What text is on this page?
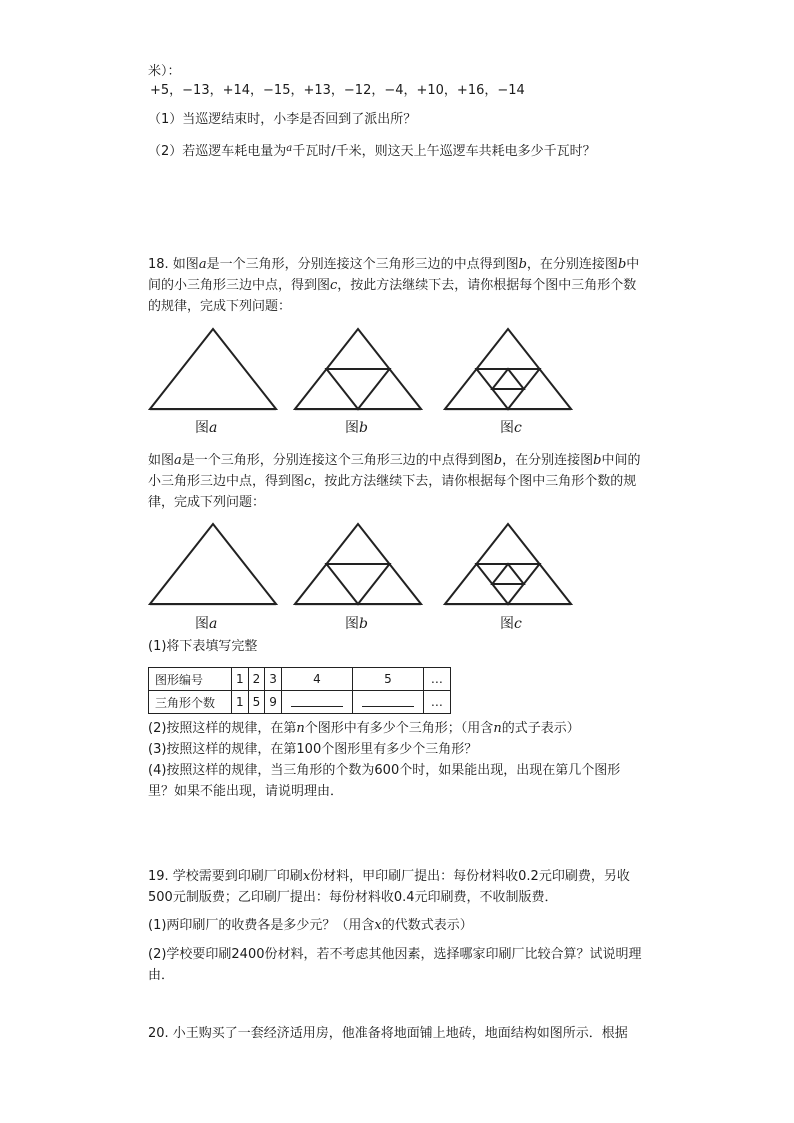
米）：
+5，−13，+14，−15，+13，−12，−4，+10，+16，−14
（1）当巡逻结束时，小李是否回到了派出所？
（2）若巡逻车耗电量为$^a$千瓦时/千米，则这天上午巡逻车共耗电多少千瓦时？
18. 如图a是一个三角形，分别连接这个三角形三边的中点得到图b，在分别连接图b中
间的小三角形三边中点，得到图c，按此方法继续下去，请你根据每个图中三角形个数
的规律，完成下列问题：
图a	图b	图c
如图a是一个三角形，分别连接这个三角形三边的中点得到图b，在分别连接图b中间的
小三角形三边中点，得到图c，按此方法继续下去，请你根据每个图中三角形个数的规
律，完成下列问题：
图a	图b	图c
(1)将下表填写完整
图形编号	1	2	3	4	5	…
三角形个数	1	5	9			…
(2)按照这样的规律，在第n个图形中有多少个三角形；（用含n的式子表示）
(3)按照这样的规律，在第100个图形里有多少个三角形？
(4)按照这样的规律，当三角形的个数为600个时，如果能出现，出现在第几个图形
里？如果不能出现，请说明理由．
19. 学校需要到印刷厂印刷x份材料，甲印刷厂提出：每份材料收0.2元印刷费，另收
500元制版费；乙印刷厂提出：每份材料收0.4元印刷费，不收制版费．
(1)两印刷厂的收费各是多少元？（用含x的代数式表示）
(2)学校要印刷2400份材料，若不考虑其他因素，选择哪家印刷厂比较合算？试说明理
由．
20. 小王购买了一套经济适用房，他准备将地面铺上地砖，地面结构如图所示．根据
